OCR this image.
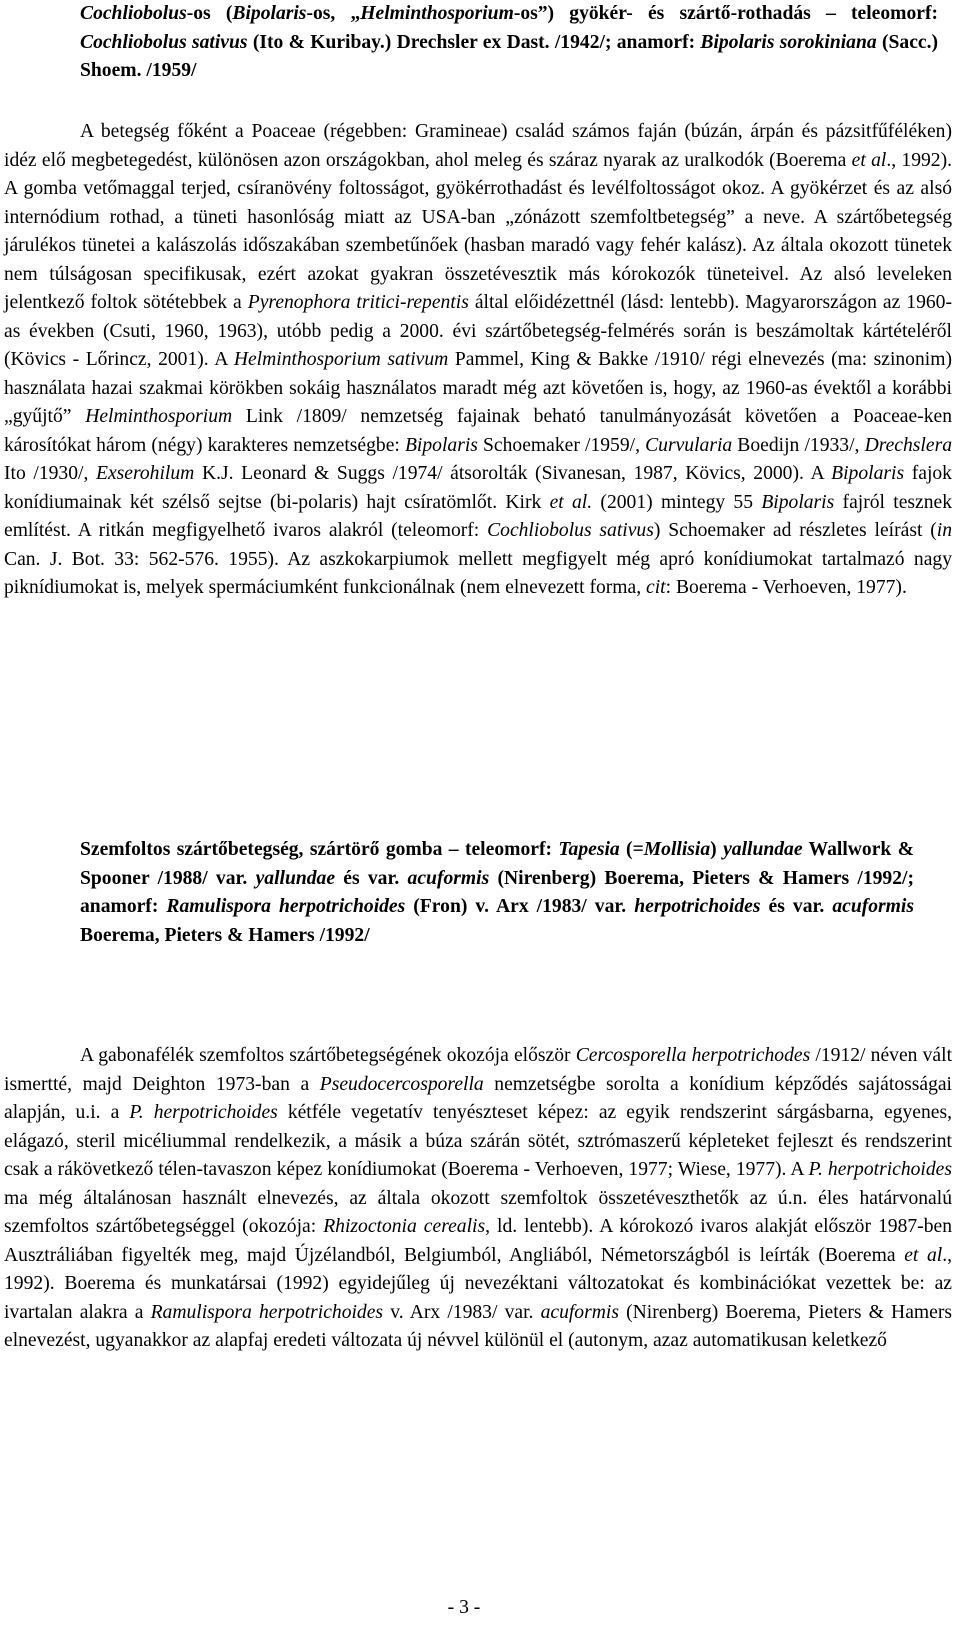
Cochliobolus-os (Bipolaris-os, „Helminthosporium-os”) gyökér- és szártő-rothadás – teleomorf: Cochliobolus sativus (Ito & Kuribay.) Drechsler ex Dast. /1942/; anamorf: Bipolaris sorokiniana (Sacc.) Shoem. /1959/
A betegség főként a Poaceae (régebben: Gramineae) család számos faján (búzán, árpán és pázsitfűféléken) idéz elő megbetegedést, különösen azon országokban, ahol meleg és száraz nyarak az uralkodók (Boerema et al., 1992). A gomba vetőmaggal terjed, csíranövény foltosságot, gyökérrothadást és levélfoltosságot okoz. A gyökérzet és az alsó internódium rothad, a tüneti hasonlóság miatt az USA-ban „zónázott szemfoltbetegség” a neve. A szártőbetegség járulékos tünetei a kalászolás időszakában szembetűnőek (hasban maradó vagy fehér kalász). Az általa okozott tünetek nem túlságosan specifikusak, ezért azokat gyakran összetévesztik más kórokozók tüneteivel. Az alsó leveleken jelentkező foltok sötétebbek a Pyrenophora tritici-repentis által előidézettnél (lásd: lentebb). Magyarországon az 1960-as években (Csuti, 1960, 1963), utóbb pedig a 2000. évi szártőbetegség-felmérés során is beszámoltak kártételéről (Kövics - Lőrincz, 2001). A Helminthosporium sativum Pammel, King & Bakke /1910/ régi elnevezés (ma: szinonim) használata hazai szakmai körökben sokáig használatos maradt még azt követően is, hogy, az 1960-as évektől a korábbi „gyűjtő” Helminthosporium Link /1809/ nemzetség fajainak beható tanulmányozását követően a Poaceae-ken károsítókat három (négy) karakteres nemzetségbe: Bipolaris Schoemaker /1959/, Curvularia Boedijn /1933/, Drechslera Ito /1930/, Exserohilum K.J. Leonard & Suggs /1974/ átsorolták (Sivanesan, 1987, Kövics, 2000). A Bipolaris fajok konídiumainak két szélső sejtse (bi-polaris) hajt csíratömlőt. Kirk et al. (2001) mintegy 55 Bipolaris fajról tesznek említést. A ritkán megfigyelhető ivaros alakról (teleomorf: Cochliobolus sativus) Schoemaker ad részletes leírást (in Can. J. Bot. 33: 562-576. 1955). Az aszkokarpiumok mellett megfigyelt még apró konídiumokat tartalmazó nagy piknídiumokat is, melyek spermáciumként funkcionálnak (nem elnevezett forma, cit: Boerema - Verhoeven, 1977).
Szemfoltos szártőbetegség, szártörő gomba – teleomorf: Tapesia (=Mollisia) yallundae Wallwork & Spooner /1988/ var. yallundae és var. acuformis (Nirenberg) Boerema, Pieters & Hamers /1992/; anamorf: Ramulispora herpotrichoides (Fron) v. Arx /1983/ var. herpotrichoides és var. acuformis Boerema, Pieters & Hamers /1992/
A gabonafélék szemfoltos szártőbetegségének okozója először Cercosporella herpotrichodes /1912/ néven vált ismertté, majd Deighton 1973-ban a Pseudocercosporella nemzetségbe sorolta a konídium képződés sajátosságai alapján, u.i. a P. herpotrichoides kétféle vegetatív tenyészteset képez: az egyik rendszerint sárgásbarna, egyenes, elágazó, steril micéliummal rendelkezik, a másik a búza szárán sötét, sztrómaszerű képleteket fejleszt és rendszerint csak a rákövetkező télen-tavaszon képez konídiumokat (Boerema - Verhoeven, 1977; Wiese, 1977). A P. herpotrichoides ma még általánosan használt elnevezés, az általa okozott szemfoltok összetéveszthetők az ú.n. éles határvonalú szemfoltos szártőbetegséggel (okozója: Rhizoctonia cerealis, ld. lentebb). A kórokozó ivaros alakját először 1987-ben Ausztráliában figyelték meg, majd Újzélandból, Belgiumból, Angliából, Németországból is leírták (Boerema et al., 1992). Boerema és munkatársai (1992) egyidejűleg új nevezéktani változatokat és kombinációkat vezettek be: az ivartalan alakra a Ramulispora herpotrichoides v. Arx /1983/ var. acuformis (Nirenberg) Boerema, Pieters & Hamers elnevezést, ugyanakkor az alapfaj eredeti változata új névvel különül el (autonym, azaz automatikusan keletkező
- 3 -
